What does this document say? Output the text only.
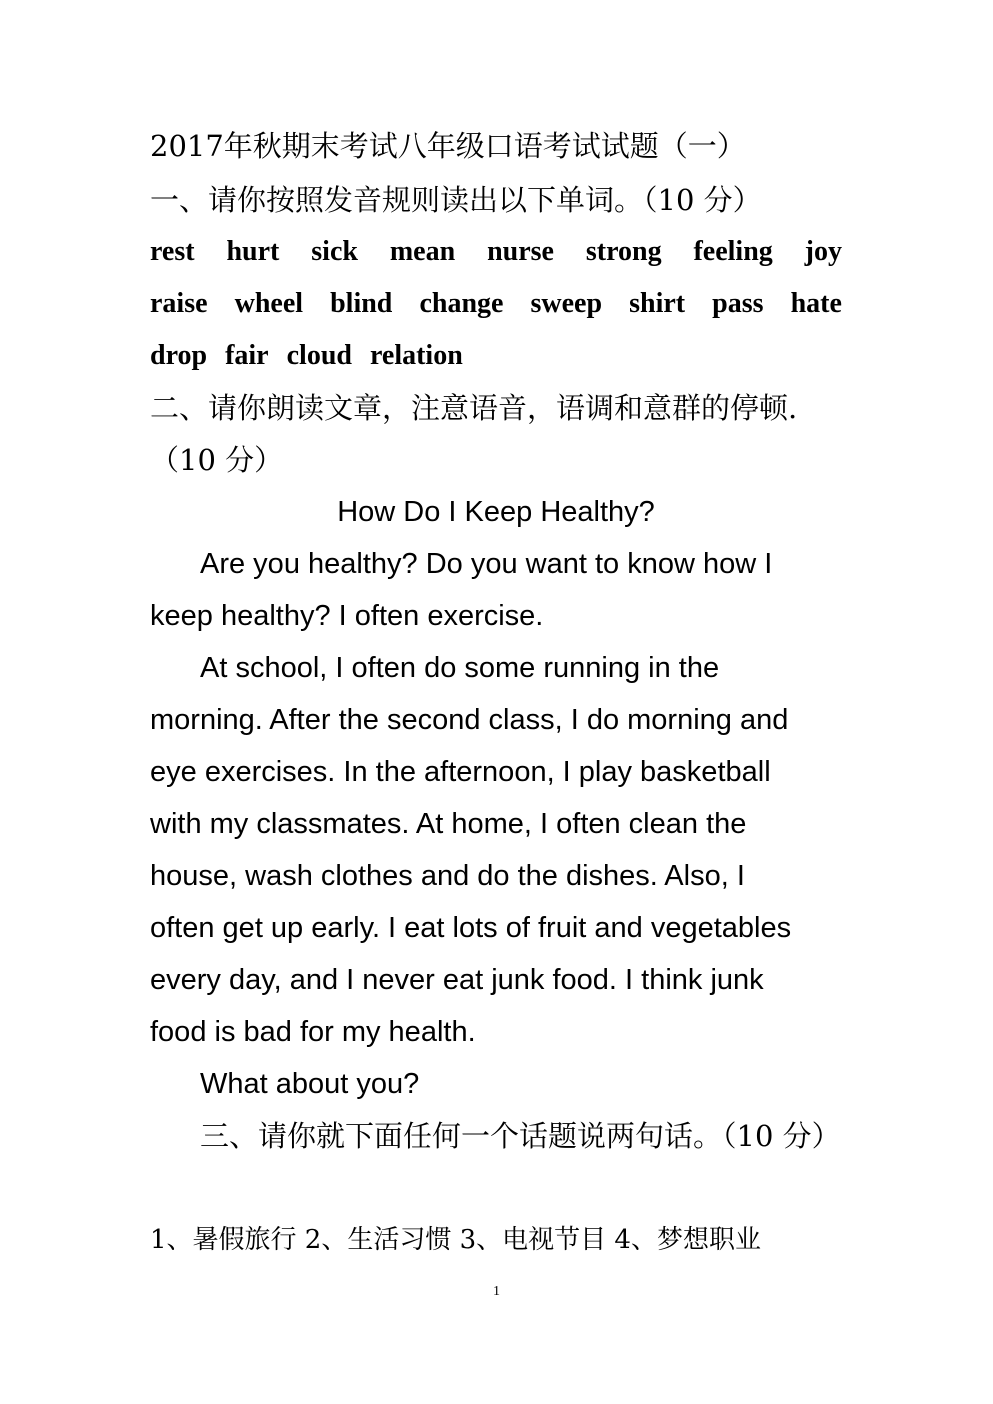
2017年秋期末考试八年级口语考试试题（一）
一、请你按照发音规则读出以下单词。（10 分）
rest hurt sick mean nurse strong feeling joy
raise wheel blind change sweep shirt pass hate
drop fair cloud relation
二、请你朗读文章，注意语音，语调和意群的停顿.
（10 分）
How Do I Keep Healthy?
Are you healthy? Do you want to know how I
keep healthy? I often exercise.
At school, I often do some running in the
morning. After the second class, I do morning and
eye exercises. In the afternoon, I play basketball
with my classmates. At home, I often clean the
house, wash clothes and do the dishes. Also, I
often get up early. I eat lots of fruit and vegetables
every day, and I never eat junk food. I think junk
food is bad for my health.
What about you?
三、请你就下面任何一个话题说两句话。（10 分）
1、暑假旅行 2、生活习惯 3、电视节目 4、梦想职业
1
